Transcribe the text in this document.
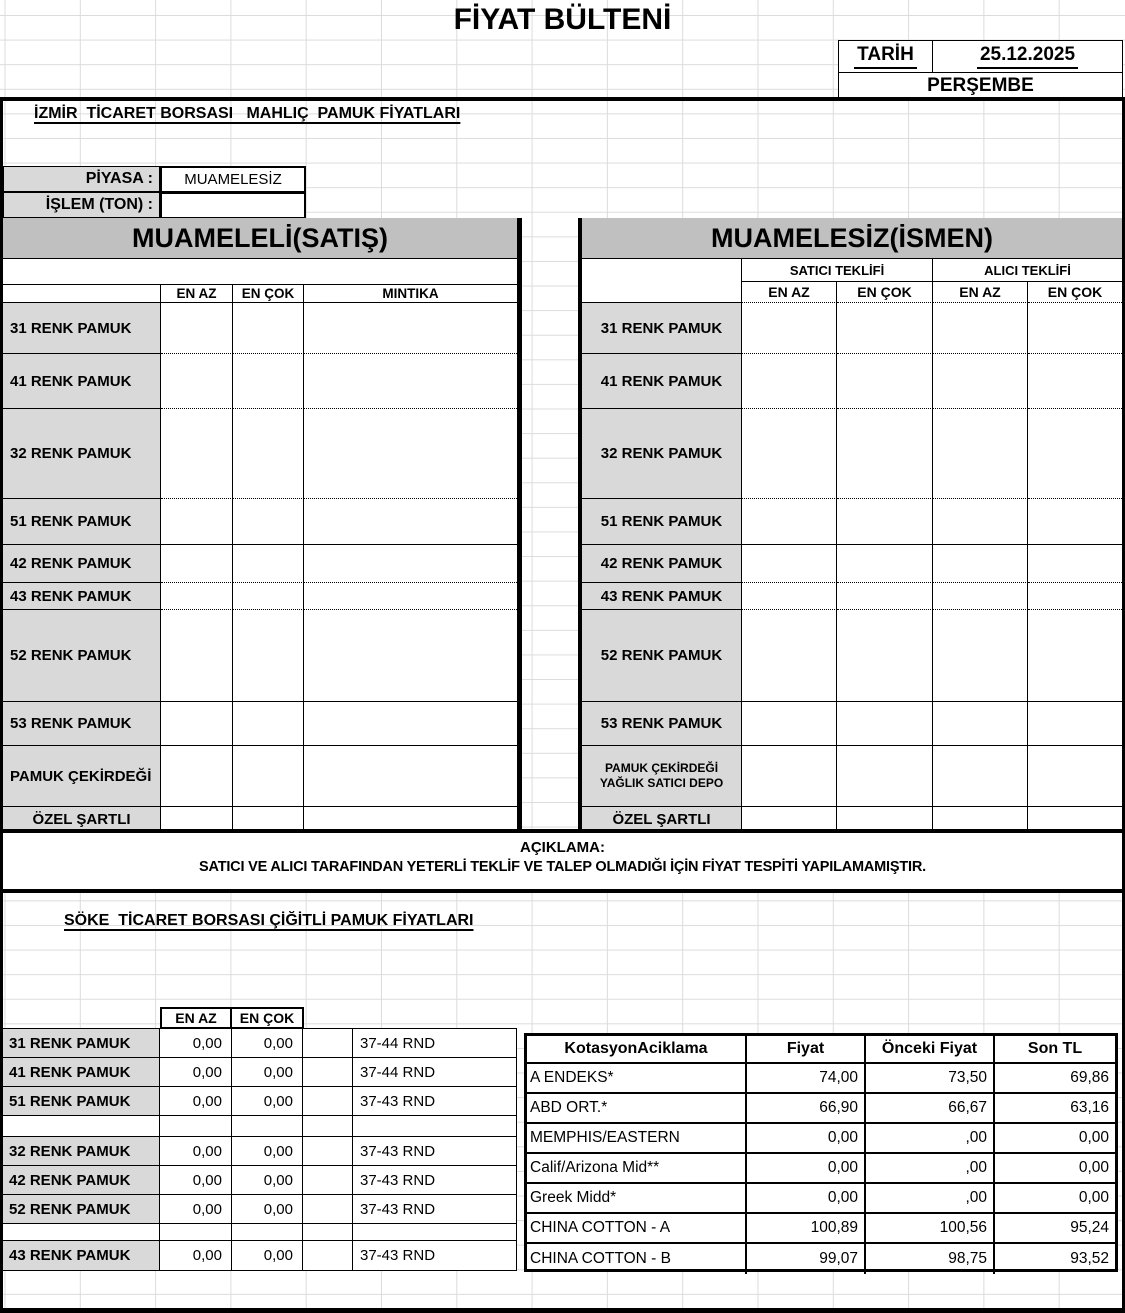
FİYAT BÜLTENİ
TARİH	25.12.2025
PERŞEMBE
İZMİR  TİCARET BORSASI   MAHLIÇ  PAMUK FİYATLARI
PİYASA :	MUAMELESİZ
İŞLEM (TON) :
MUAMELELİ(SATIŞ)
EN AZ	EN ÇOK	MINTIKA
31 RENK PAMUK
41 RENK PAMUK
32 RENK PAMUK
51 RENK PAMUK
42 RENK PAMUK
43 RENK PAMUK
52 RENK PAMUK
53 RENK PAMUK
PAMUK ÇEKİRDEĞİ
ÖZEL ŞARTLI
MUAMELESİZ(İSMEN)
SATICI TEKLİFİ	ALICI TEKLİFİ
EN AZ	EN ÇOK	EN AZ	EN ÇOK
31 RENK PAMUK
41 RENK PAMUK
32 RENK PAMUK
51 RENK PAMUK
42 RENK PAMUK
43 RENK PAMUK
52 RENK PAMUK
53 RENK PAMUK
PAMUK ÇEKİRDEĞİ
YAĞLIK SATICI DEPO
ÖZEL ŞARTLI
AÇIKLAMA:
SATICI VE ALICI TARAFINDAN YETERLİ TEKLİF VE TALEP OLMADIĞI İÇİN FİYAT TESPİTİ YAPILAMAMIŞTIR.
SÖKE  TİCARET BORSASI ÇİĞİTLİ PAMUK FİYATLARI
EN AZ	EN ÇOK
31 RENK PAMUK	0,00	0,00	37-44 RND
41 RENK PAMUK	0,00	0,00	37-44 RND
51 RENK PAMUK	0,00	0,00	37-43 RND
32 RENK PAMUK	0,00	0,00	37-43 RND
42 RENK PAMUK	0,00	0,00	37-43 RND
52 RENK PAMUK	0,00	0,00	37-43 RND
43 RENK PAMUK	0,00	0,00	37-43 RND
KotasyonAciklama	Fiyat	Önceki Fiyat	Son TL
A ENDEKS*	74,00	73,50	69,86
ABD ORT.*	66,90	66,67	63,16
MEMPHIS/EASTERN	0,00	,00	0,00
Calif/Arizona Mid**	0,00	,00	0,00
Greek Midd*	0,00	,00	0,00
CHINA COTTON - A	100,89	100,56	95,24
CHINA COTTON - B	99,07	98,75	93,52
